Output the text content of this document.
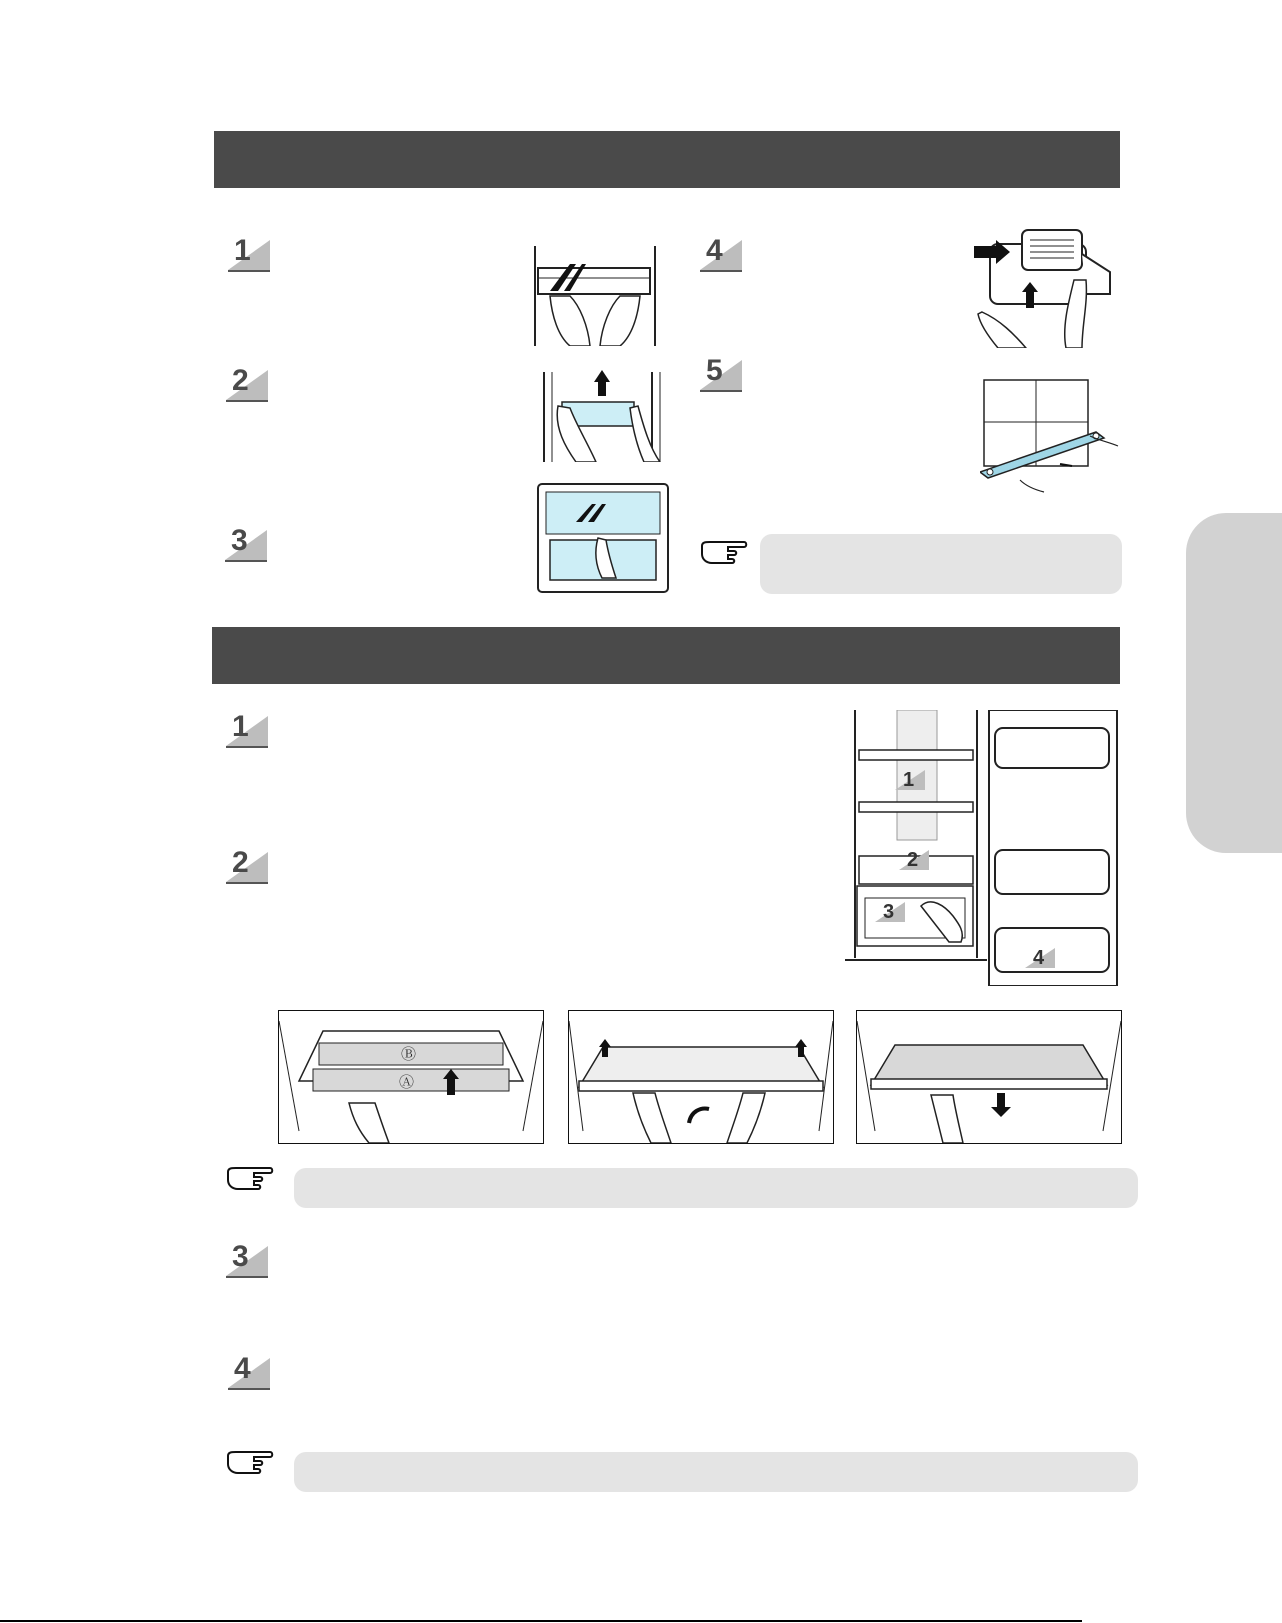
1
2
3
4
5
1
2
1
2
3
4
Ⓑ
Ⓐ
3
4
